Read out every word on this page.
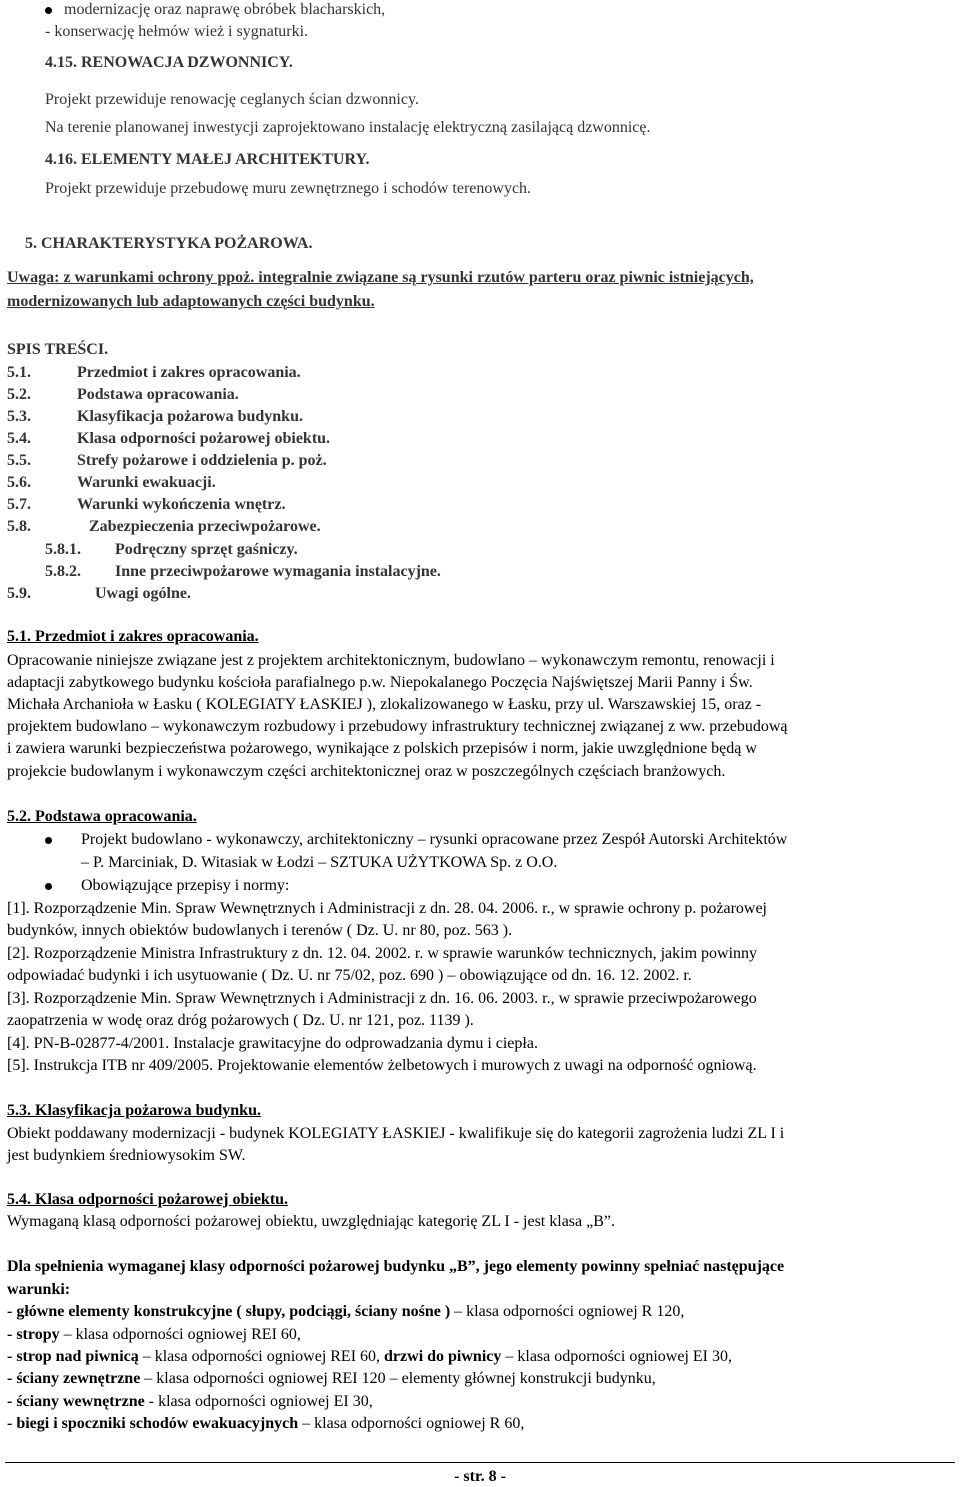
modernizację oraz naprawę obróbek blacharskich,
- konserwację hełmów wież i sygnaturki.
4.15. RENOWACJA DZWONNICY.
Projekt przewiduje renowację ceglanych ścian dzwonnicy.
Na terenie planowanej inwestycji zaprojektowano instalację elektryczną zasilającą dzwonnicę.
4.16. ELEMENTY MAŁEJ ARCHITEKTURY.
Projekt przewiduje przebudowę muru zewnętrznego i schodów terenowych.
5. CHARAKTERYSTYKA POŻAROWA.
Uwaga: z warunkami ochrony ppoż. integralnie związane są rysunki rzutów parteru oraz piwnic istniejących,
modernizowanych lub adaptowanych części budynku.
SPIS TREŚCI.
5.1.	Przedmiot i zakres opracowania.
5.2.	Podstawa opracowania.
5.3.	Klasyfikacja pożarowa budynku.
5.4.	Klasa odporności pożarowej obiektu.
5.5.	Strefy pożarowe i oddzielenia p. poż.
5.6.	Warunki ewakuacji.
5.7.	Warunki wykończenia wnętrz.
5.8.	Zabezpieczenia przeciwpożarowe.
5.8.1. Podręczny sprzęt gaśniczy.
5.8.2. Inne przeciwpożarowe wymagania instalacyjne.
5.9.	Uwagi ogólne.
5.1. Przedmiot i zakres opracowania.
Opracowanie niniejsze związane jest z projektem architektonicznym, budowlano – wykonawczym remontu, renowacji i
adaptacji zabytkowego budynku kościoła parafialnego p.w. Niepokalanego Poczęcia Najświętszej Marii Panny i Św.
Michała Archanioła w Łasku ( KOLEGIATY ŁASKIEJ ), zlokalizowanego w Łasku, przy ul. Warszawskiej 15, oraz -
projektem budowlano – wykonawczym rozbudowy i przebudowy infrastruktury technicznej związanej z ww. przebudową
i zawiera warunki bezpieczeństwa pożarowego, wynikające z polskich przepisów i norm, jakie uwzględnione będą w
projekcie budowlanym i wykonawczym części architektonicznej oraz w poszczególnych częściach branżowych.
5.2. Podstawa opracowania.
Projekt budowlano - wykonawczy, architektoniczny – rysunki opracowane przez Zespół Autorski Architektów
– P. Marciniak, D. Witasiak w Łodzi – SZTUKA UŻYTKOWA Sp. z O.O.
Obowiązujące przepisy i normy:
[1]. Rozporządzenie Min. Spraw Wewnętrznych i Administracji z dn. 28. 04. 2006. r., w sprawie ochrony p. pożarowej
budynków, innych obiektów budowlanych i terenów ( Dz. U. nr 80, poz. 563 ).
[2]. Rozporządzenie Ministra Infrastruktury z dn. 12. 04. 2002. r. w sprawie warunków technicznych, jakim powinny
odpowiadać budynki i ich usytuowanie ( Dz. U. nr 75/02, poz. 690 ) – obowiązujące od dn. 16. 12. 2002. r.
[3]. Rozporządzenie Min. Spraw Wewnętrznych i Administracji z dn. 16. 06. 2003. r., w sprawie przeciwpożarowego
zaopatrzenia w wodę oraz dróg pożarowych ( Dz. U. nr 121, poz. 1139 ).
[4]. PN-B-02877-4/2001. Instalacje grawitacyjne do odprowadzania dymu i ciepła.
[5]. Instrukcja ITB nr 409/2005. Projektowanie elementów żelbetowych i murowych z uwagi na odporność ogniową.
5.3. Klasyfikacja pożarowa budynku.
Obiekt poddawany modernizacji - budynek KOLEGIATY ŁASKIEJ - kwalifikuje się do kategorii zagrożenia ludzi ZL I i
jest budynkiem średniowysokim SW.
5.4. Klasa odporności pożarowej obiektu.
Wymaganą klasą odporności pożarowej obiektu, uwzględniając kategorię ZL I - jest klasa „B”.
Dla spełnienia wymaganej klasy odporności pożarowej budynku „B”, jego elementy powinny spełniać następujące
warunki:
- główne elementy konstrukcyjne ( słupy, podciągi, ściany nośne ) – klasa odporności ogniowej R 120,
- stropy – klasa odporności ogniowej REI 60,
- strop nad piwnicą – klasa odporności ogniowej REI 60, drzwi do piwnicy – klasa odporności ogniowej EI 30,
- ściany zewnętrzne – klasa odporności ogniowej REI 120 – elementy głównej konstrukcji budynku,
- ściany wewnętrzne - klasa odporności ogniowej EI 30,
- biegi i spoczniki schodów ewakuacyjnych – klasa odporności ogniowej R 60,
- str. 8 -
